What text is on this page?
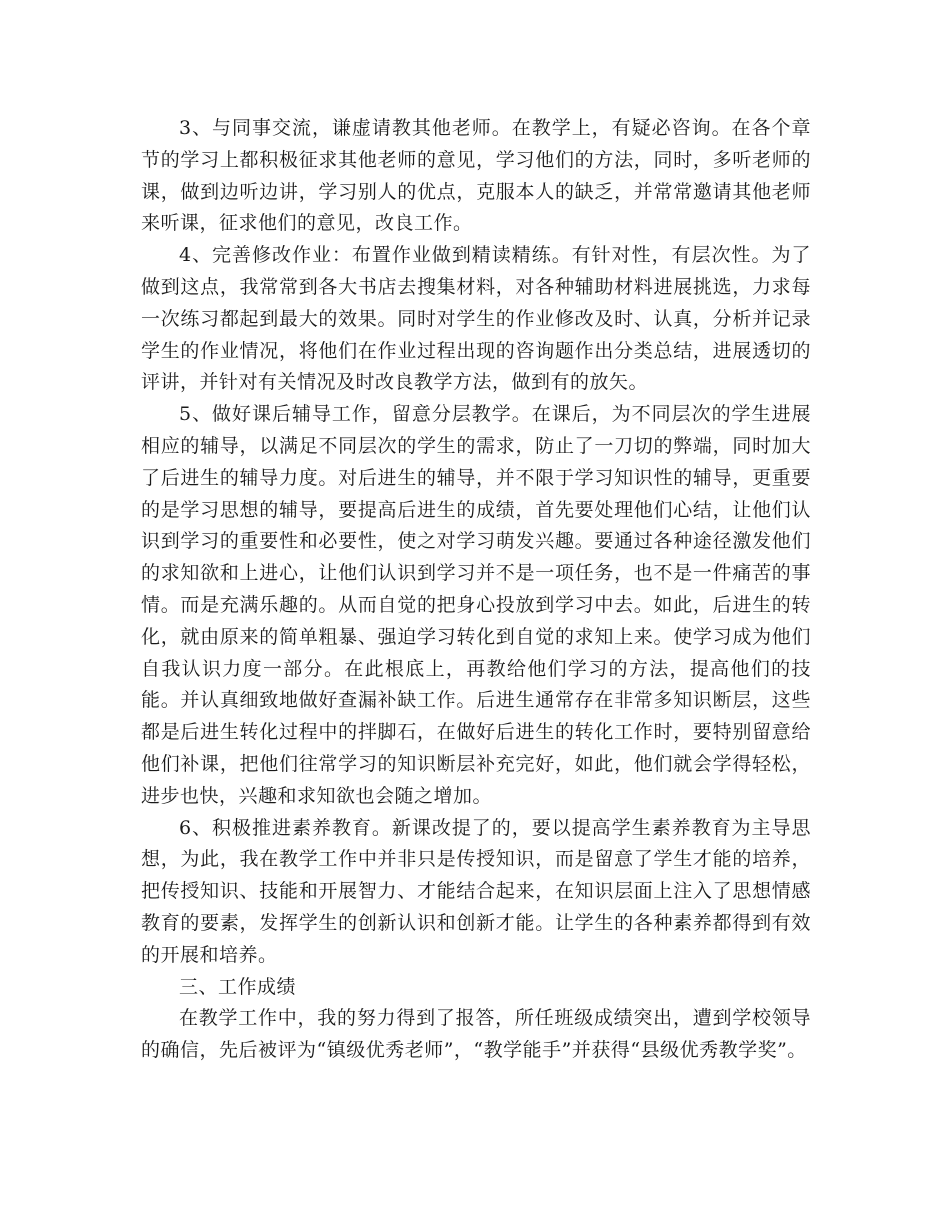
3、与同事交流，谦虚请教其他老师。在教学上，有疑必咨询。在各个章节的学习上都积极征求其他老师的意见，学习他们的方法，同时，多听老师的课，做到边听边讲，学习别人的优点，克服本人的缺乏，并常常邀请其他老师来听课，征求他们的意见，改良工作。

4、完善修改作业：布置作业做到精读精练。有针对性，有层次性。为了做到这点，我常常到各大书店去搜集材料，对各种辅助材料进展挑选，力求每一次练习都起到最大的效果。同时对学生的作业修改及时、认真，分析并记录学生的作业情况，将他们在作业过程出现的咨询题作出分类总结，进展透切的评讲，并针对有关情况及时改良教学方法，做到有的放矢。

5、做好课后辅导工作，留意分层教学。在课后，为不同层次的学生进展相应的辅导，以满足不同层次的学生的需求，防止了一刀切的弊端，同时加大了后进生的辅导力度。对后进生的辅导，并不限于学习知识性的辅导，更重要的是学习思想的辅导，要提高后进生的成绩，首先要处理他们心结，让他们认识到学习的重要性和必要性，使之对学习萌发兴趣。要通过各种途径激发他们的求知欲和上进心，让他们认识到学习并不是一项任务，也不是一件痛苦的事情。而是充满乐趣的。从而自觉的把身心投放到学习中去。如此，后进生的转化，就由原来的简单粗暴、强迫学习转化到自觉的求知上来。使学习成为他们自我认识力度一部分。在此根底上，再教给他们学习的方法，提高他们的技能。并认真细致地做好查漏补缺工作。后进生通常存在非常多知识断层，这些都是后进生转化过程中的拌脚石，在做好后进生的转化工作时，要特别留意给他们补课，把他们往常学习的知识断层补充完好，如此，他们就会学得轻松，进步也快，兴趣和求知欲也会随之增加。

6、积极推进素养教育。新课改提了的，要以提高学生素养教育为主导思想，为此，我在教学工作中并非只是传授知识，而是留意了学生才能的培养，把传授知识、技能和开展智力、才能结合起来，在知识层面上注入了思想情感教育的要素，发挥学生的创新认识和创新才能。让学生的各种素养都得到有效的开展和培养。

三、工作成绩

在教学工作中，我的努力得到了报答，所任班级成绩突出，遭到学校领导的确信，先后被评为“镇级优秀老师”，“教学能手”并获得“县级优秀教学奖”。
